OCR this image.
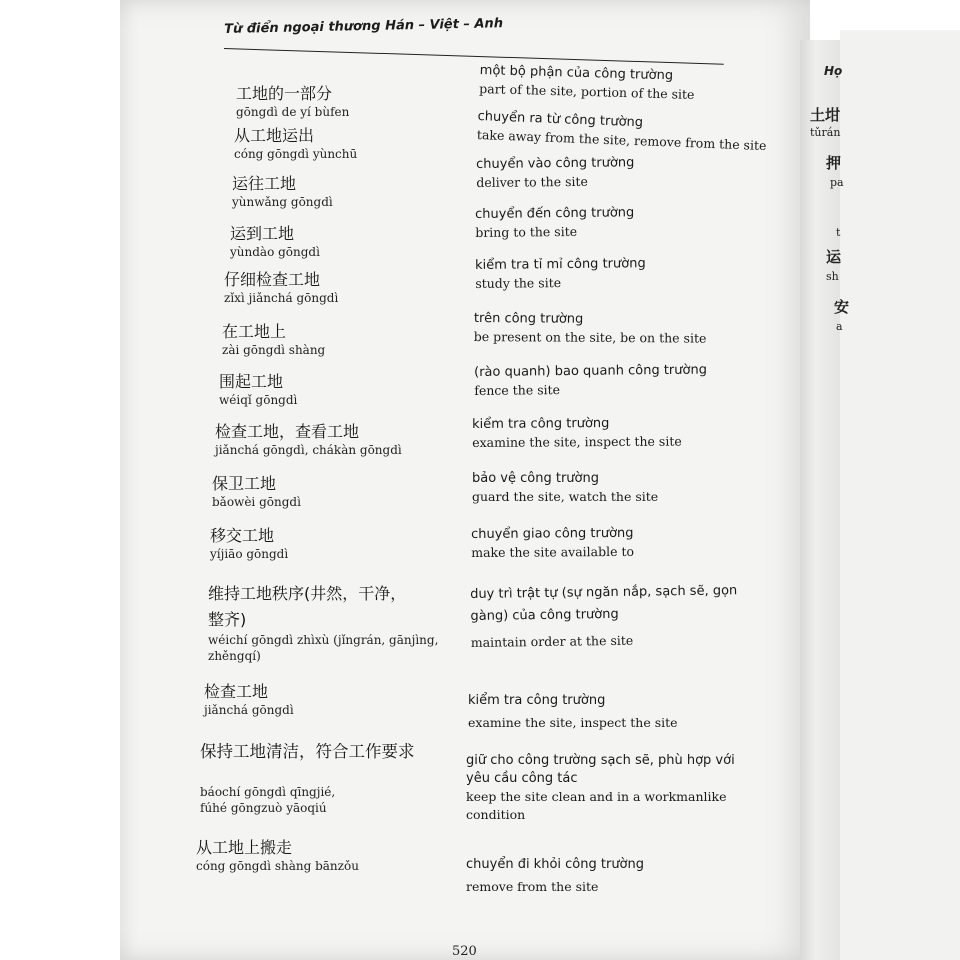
Từ điển ngoại thương Hán – Việt – Anh
工地的一部分
gōngdì de yí bùfen
một bộ phận của công trường
part of the site, portion of the site
从工地运出
cóng gōngdì yùnchū
chuyển ra từ công trường
take away from the site, remove from the site
运往工地
yùnwǎng gōngdì
chuyển vào công trường
deliver to the site
运到工地
yùndào gōngdì
chuyển đến công trường
bring to the site
仔细检查工地
zǐxì jiǎnchá gōngdì
kiểm tra tỉ mỉ công trường
study the site
在工地上
zài gōngdì shàng
trên công trường
be present on the site, be on the site
围起工地
wéiqǐ gōngdì
(rào quanh) bao quanh công trường
fence the site
检查工地，查看工地
jiǎnchá gōngdì, chákàn gōngdì
kiểm tra công trường
examine the site, inspect the site
保卫工地
bǎowèi gōngdì
bảo vệ công trường
guard the site, watch the site
移交工地
yíjiāo gōngdì
chuyển giao công trường
make the site available to
维持工地秩序(井然，干净，
整齐)
wéichí gōngdì zhìxù (jǐngrán, gānjìng,
zhěngqí)
duy trì trật tự (sự ngăn nắp, sạch sẽ, gọn
gàng) của công trường
maintain order at the site
检查工地
jiǎnchá gōngdì
kiểm tra công trường
examine the site, inspect the site
保持工地清洁，符合工作要求
báochí gōngdì qīngjié,
fúhé gōngzuò yāoqiú
giữ cho công trường sạch sẽ, phù hợp với
yêu cầu công tác
keep the site clean and in a workmanlike
condition
从工地上搬走
cóng gōngdì shàng bānzǒu	chuyển đi khỏi công trường
remove from the site
520
Họ
土坩
tǔrán
押
pa
t
运
sh
安
a
